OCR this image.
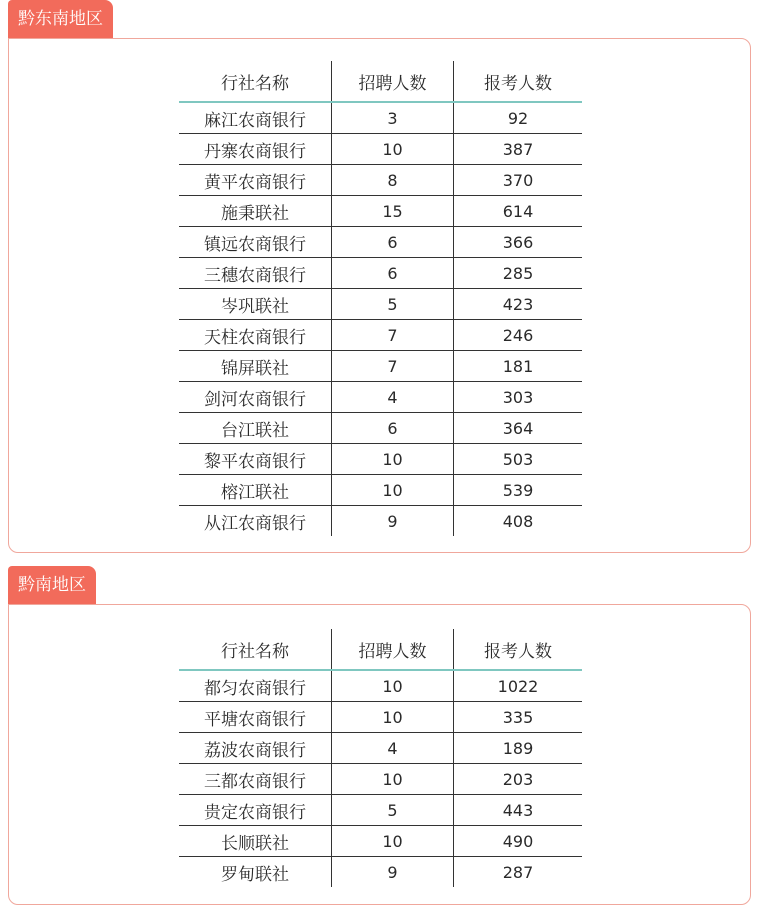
黔东南地区
行社名称	招聘人数	报考人数
麻江农商银行	3	92
丹寨农商银行	10	387
黄平农商银行	8	370
施秉联社	15	614
镇远农商银行	6	366
三穗农商银行	6	285
岑巩联社	5	423
天柱农商银行	7	246
锦屏联社	7	181
剑河农商银行	4	303
台江联社	6	364
黎平农商银行	10	503
榕江联社	10	539
从江农商银行	9	408
黔南地区
行社名称	招聘人数	报考人数
都匀农商银行	10	1022
平塘农商银行	10	335
荔波农商银行	4	189
三都农商银行	10	203
贵定农商银行	5	443
长顺联社	10	490
罗甸联社	9	287
